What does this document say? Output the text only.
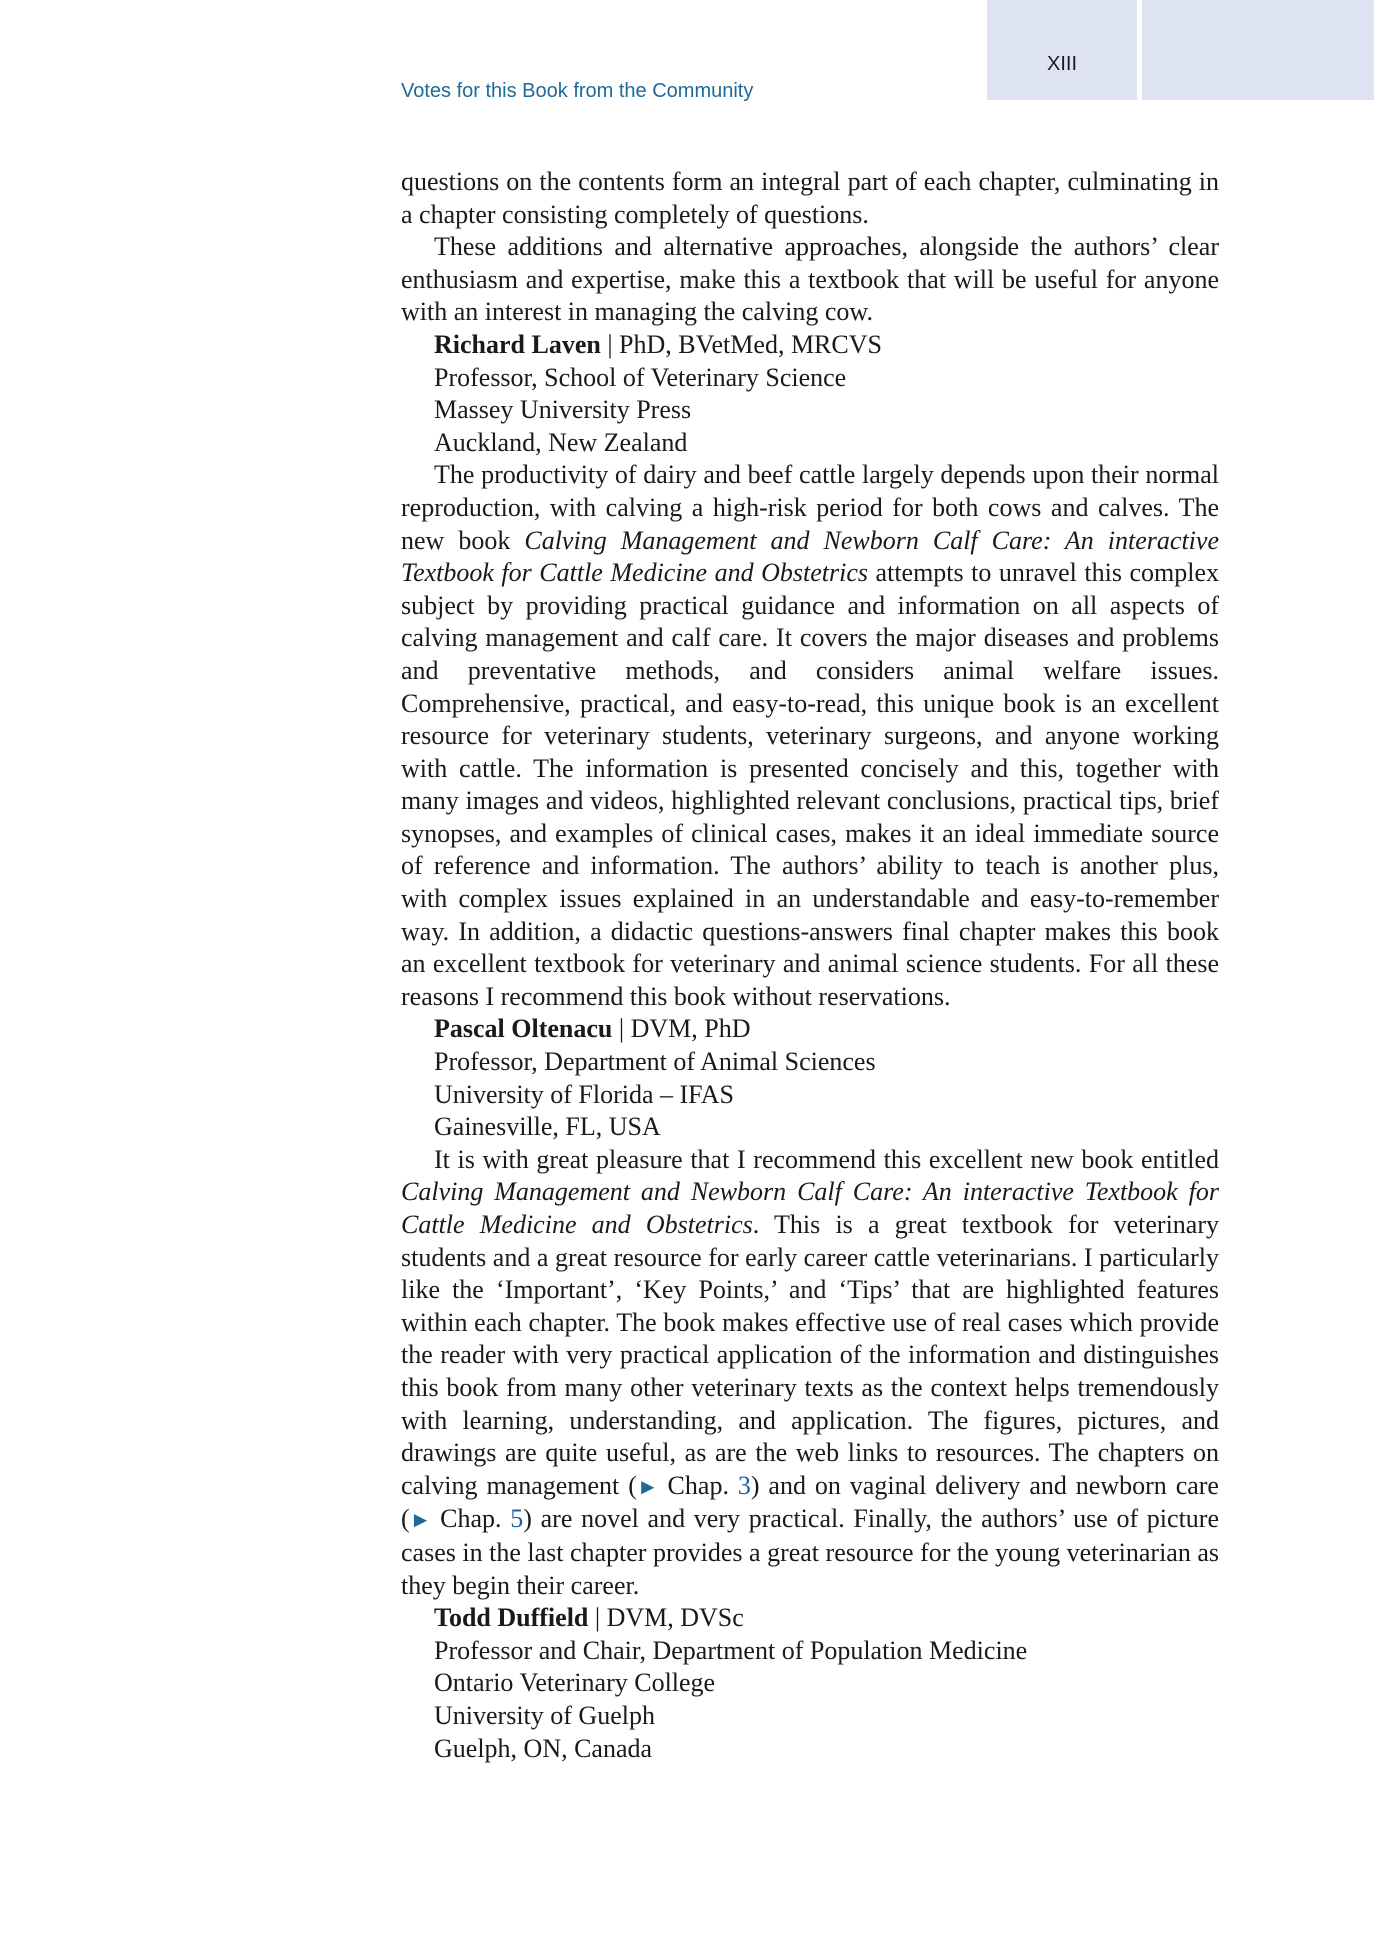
XIII
Votes for this Book from the Community

questions on the contents form an integral part of each chapter, culminating in a chapter consisting completely of questions.

These additions and alternative approaches, alongside the authors’ clear enthusiasm and expertise, make this a textbook that will be useful for anyone with an interest in managing the calving cow.

Richard Laven | PhD, BVetMed, MRCVS
Professor, School of Veterinary Science
Massey University Press
Auckland, New Zealand

The productivity of dairy and beef cattle largely depends upon their normal reproduction, with calving a high-risk period for both cows and calves. The new book Calving Management and Newborn Calf Care: An interactive Textbook for Cattle Medicine and Obstetrics attempts to unravel this complex subject by providing practical guidance and information on all aspects of calving management and calf care. It covers the major diseases and problems and preventative methods, and considers animal welfare issues. Comprehensive, practical, and easy-to-read, this unique book is an excellent resource for veterinary students, veterinary surgeons, and anyone working with cattle. The information is presented concisely and this, together with many images and videos, highlighted relevant conclusions, practical tips, brief synopses, and examples of clinical cases, makes it an ideal immediate source of reference and information. The authors’ ability to teach is another plus, with complex issues explained in an understandable and easy-to-remember way. In addition, a didactic questions-answers final chapter makes this book an excellent textbook for veterinary and animal science students. For all these reasons I recommend this book without reservations.

Pascal Oltenacu | DVM, PhD
Professor, Department of Animal Sciences
University of Florida – IFAS
Gainesville, FL, USA

It is with great pleasure that I recommend this excellent new book entitled Calving Management and Newborn Calf Care: An interactive Textbook for Cattle Medicine and Obstetrics. This is a great textbook for veterinary students and a great resource for early career cattle veterinarians. I particularly like the ‘Important’, ‘Key Points,’ and ‘Tips’ that are highlighted features within each chapter. The book makes effective use of real cases which provide the reader with very practical application of the information and distinguishes this book from many other veterinary texts as the context helps tremendously with learning, understanding, and application. The figures, pictures, and drawings are quite useful, as are the web links to resources. The chapters on calving management (► Chap. 3) and on vaginal delivery and newborn care (► Chap. 5) are novel and very practical. Finally, the authors’ use of picture cases in the last chapter provides a great resource for the young veterinarian as they begin their career.

Todd Duffield | DVM, DVSc
Professor and Chair, Department of Population Medicine
Ontario Veterinary College
University of Guelph
Guelph, ON, Canada
